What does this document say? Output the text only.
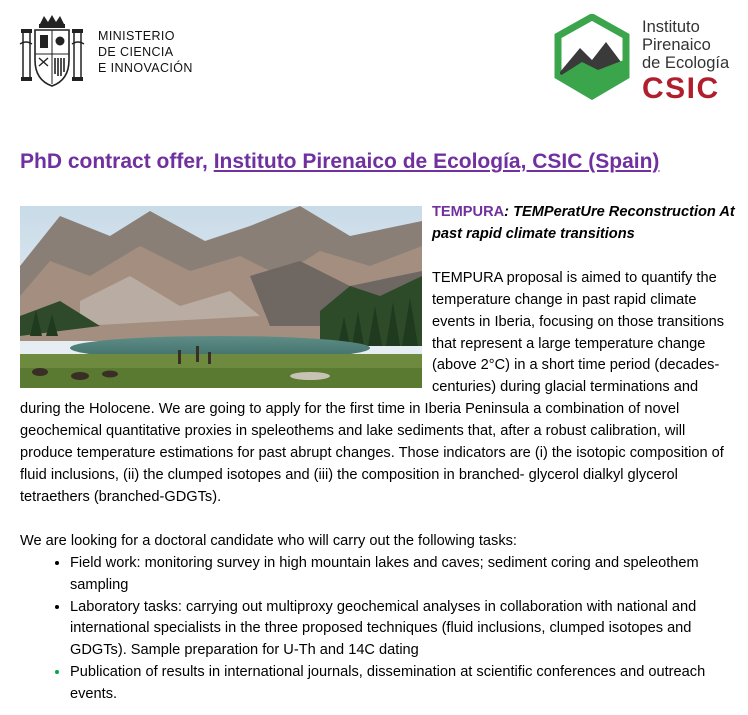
MINISTERIO
DE CIENCIA
E INNOVACIÓN
Instituto
Pirenaico
de Ecología
CSIC
PhD contract offer, Instituto Pirenaico de Ecología, CSIC (Spain)

TEMPURA: TEMPeratUre Reconstruction At past rapid climate transitions

TEMPURA proposal is aimed to quantify the temperature change in past rapid climate events in Iberia, focusing on those transitions that represent a large temperature change (above 2°C) in a short time period (decades-centuries) during glacial terminations and during the Holocene. We are going to apply for the first time in Iberia Peninsula a combination of novel geochemical quantitative proxies in speleothems and lake sediments that, after a robust calibration, will produce temperature estimations for past abrupt changes. Those indicators are (i) the isotopic composition of fluid inclusions, (ii) the clumped isotopes and (iii) the composition in branched- glycerol dialkyl glycerol tetraethers (branched-GDGTs).

We are looking for a doctoral candidate who will carry out the following tasks:

• Field work: monitoring survey in high mountain lakes and caves; sediment coring and speleothem sampling
• Laboratory tasks: carrying out multiproxy geochemical analyses in collaboration with national and international specialists in the three proposed techniques (fluid inclusions, clumped isotopes and GDGTs). Sample preparation for U-Th and 14C dating
• Publication of results in international journals, dissemination at scientific conferences and outreach events.
